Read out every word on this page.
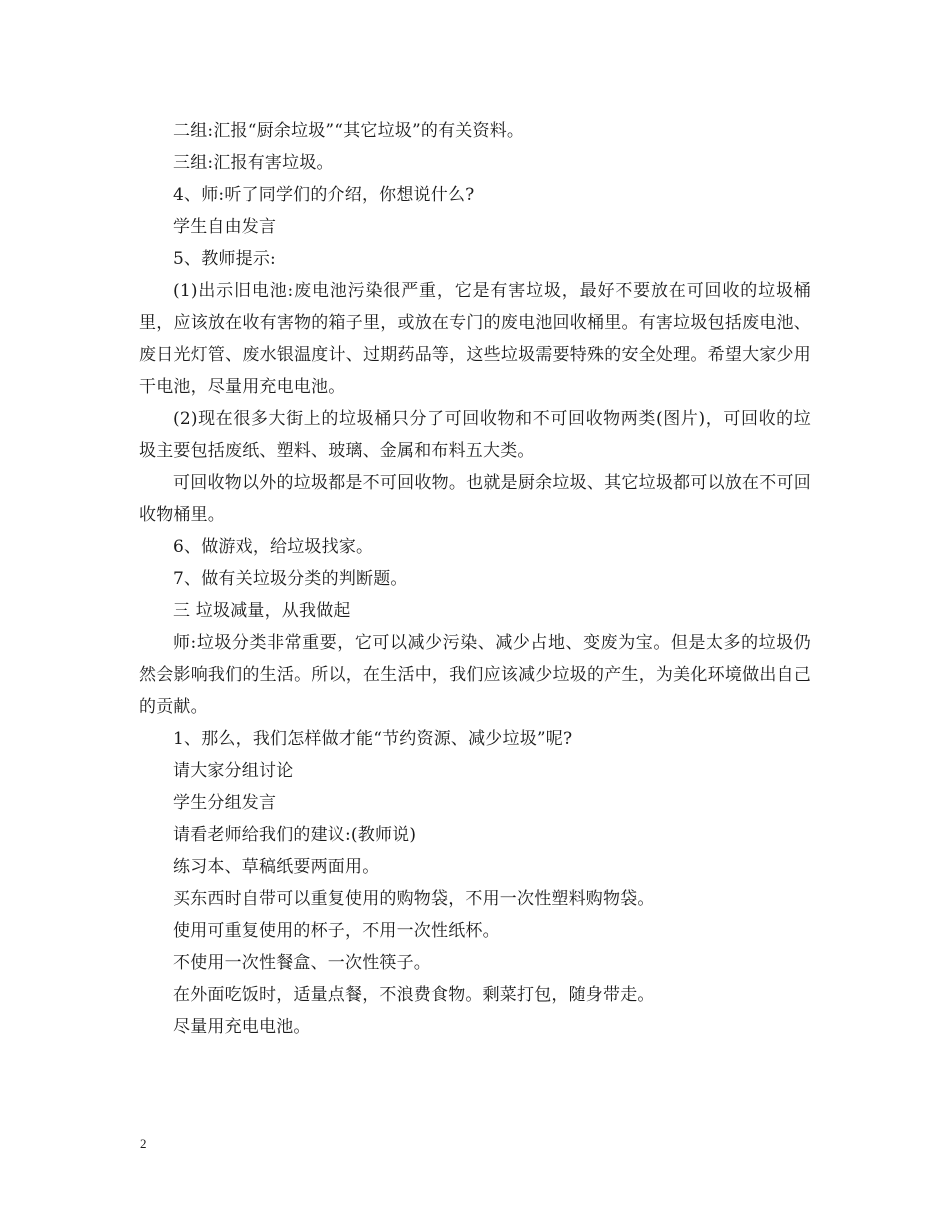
二组:汇报“厨余垃圾”“其它垃圾”的有关资料。

三组:汇报有害垃圾。

4、师:听了同学们的介绍，你想说什么?

学生自由发言

5、教师提示:

(1)出示旧电池:废电池污染很严重，它是有害垃圾，最好不要放在可回收的垃圾桶里，应该放在收有害物的箱子里，或放在专门的废电池回收桶里。有害垃圾包括废电池、废日光灯管、废水银温度计、过期药品等，这些垃圾需要特殊的安全处理。希望大家少用干电池，尽量用充电电池。

(2)现在很多大街上的垃圾桶只分了可回收物和不可回收物两类(图片)，可回收的垃圾主要包括废纸、塑料、玻璃、金属和布料五大类。

可回收物以外的垃圾都是不可回收物。也就是厨余垃圾、其它垃圾都可以放在不可回收物桶里。

6、做游戏，给垃圾找家。

7、做有关垃圾分类的判断题。

三 垃圾减量，从我做起

师:垃圾分类非常重要，它可以减少污染、减少占地、变废为宝。但是太多的垃圾仍然会影响我们的生活。所以，在生活中，我们应该减少垃圾的产生，为美化环境做出自己的贡献。

1、那么，我们怎样做才能“节约资源、减少垃圾”呢?

请大家分组讨论

学生分组发言

请看老师给我们的建议:(教师说)

练习本、草稿纸要两面用。

买东西时自带可以重复使用的购物袋，不用一次性塑料购物袋。

使用可重复使用的杯子，不用一次性纸杯。

不使用一次性餐盒、一次性筷子。

在外面吃饭时，适量点餐，不浪费食物。剩菜打包，随身带走。

尽量用充电电池。

2
